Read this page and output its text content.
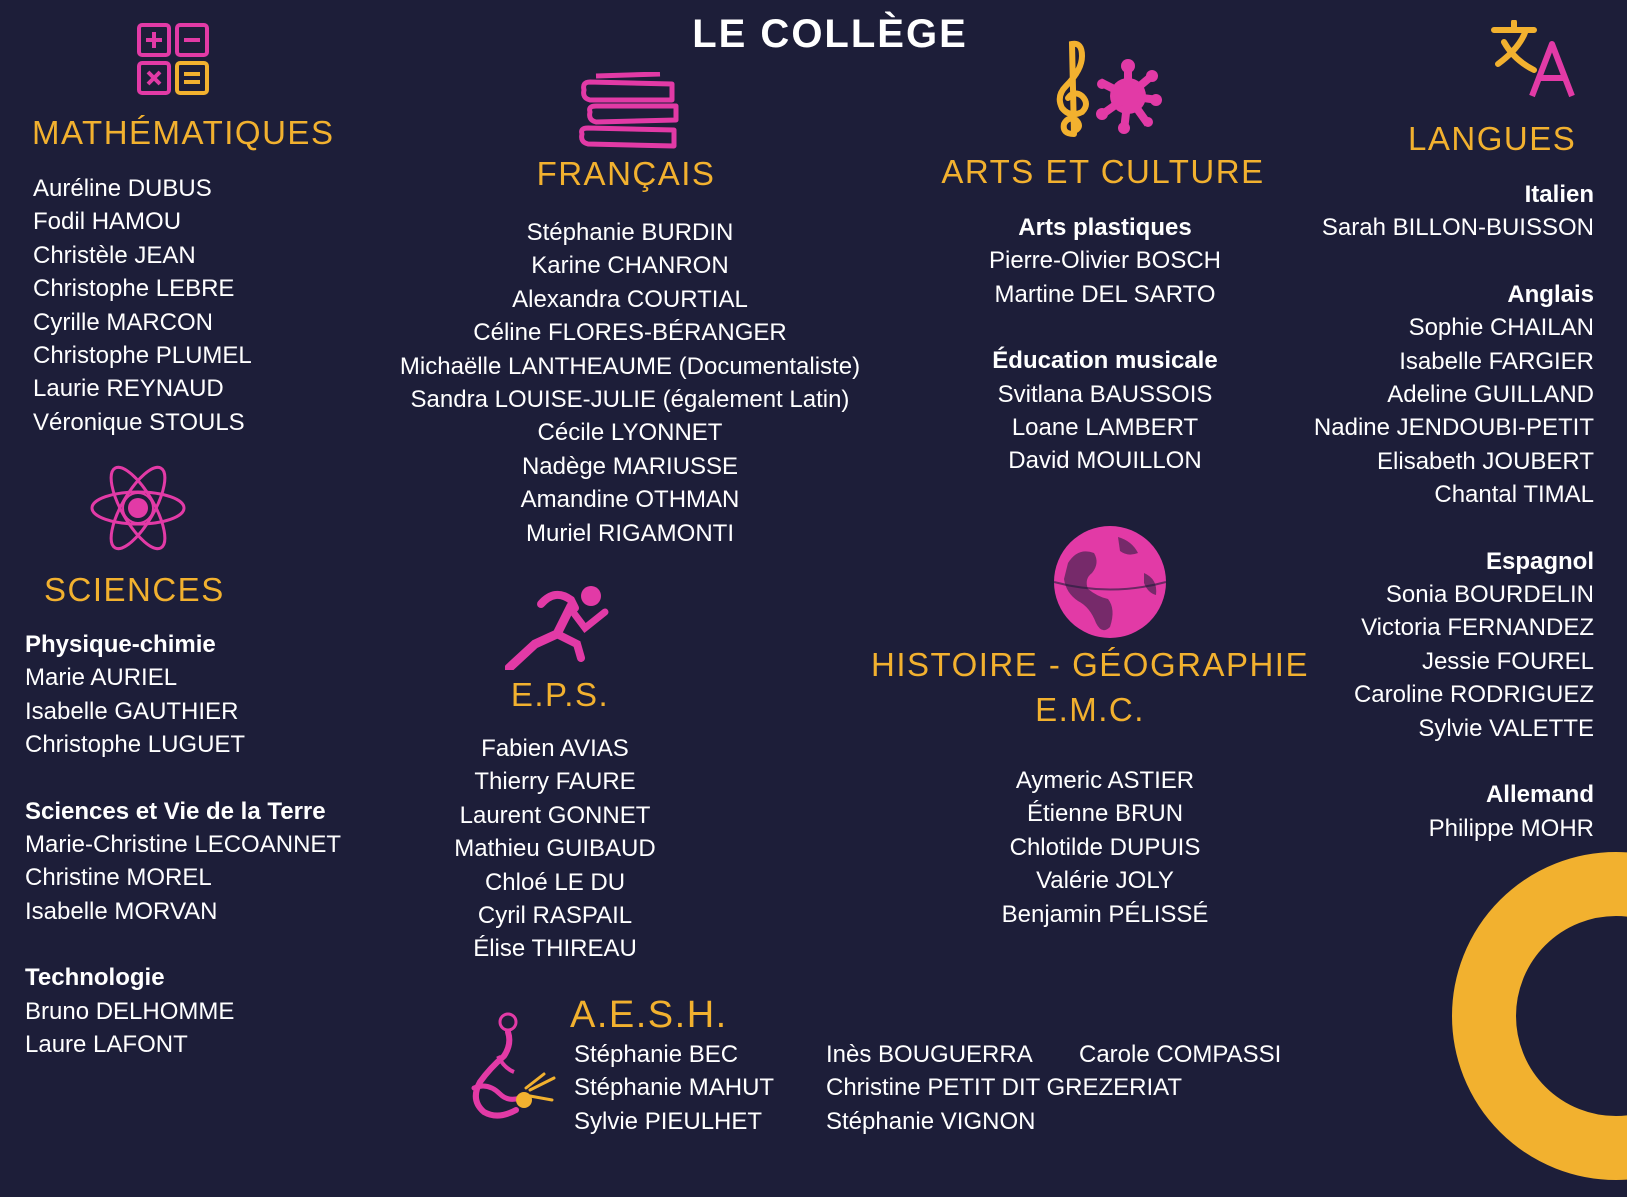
LE COLLÈGE
MATHÉMATIQUES
Auréline DUBUS
Fodil HAMOU
Christèle JEAN
Christophe LEBRE
Cyrille MARCON
Christophe PLUMEL
Laurie REYNAUD
Véronique STOULS
SCIENCES
Physique-chimie
Marie AURIEL
Isabelle GAUTHIER
Christophe LUGUET
Sciences et Vie de la Terre
Marie-Christine LECOANNET
Christine MOREL
Isabelle MORVAN
Technologie
Bruno DELHOMME
Laure LAFONT
FRANÇAIS
Stéphanie BURDIN
Karine CHANRON
Alexandra COURTIAL
Céline FLORES-BÉRANGER
Michaëlle LANTHEAUME (Documentaliste)
Sandra LOUISE-JULIE (également Latin)
Cécile LYONNET
Nadège MARIUSSE
Amandine OTHMAN
Muriel RIGAMONTI
E.P.S.
Fabien AVIAS
Thierry FAURE
Laurent GONNET
Mathieu GUIBAUD
Chloé LE DU
Cyril RASPAIL
Élise THIREAU
ARTS ET CULTURE
Arts plastiques
Pierre-Olivier BOSCH
Martine DEL SARTO
Éducation musicale
Svitlana BAUSSOIS
Loane LAMBERT
David MOUILLON
HISTOIRE - GÉOGRAPHIE
E.M.C.
Aymeric ASTIER
Étienne BRUN
Chlotilde DUPUIS
Valérie JOLY
Benjamin PÉLISSÉ
LANGUES
Italien
Sarah BILLON-BUISSON
Anglais
Sophie CHAILAN
Isabelle FARGIER
Adeline GUILLAND
Nadine JENDOUBI-PETIT
Elisabeth JOUBERT
Chantal TIMAL
Espagnol
Sonia BOURDELIN
Victoria FERNANDEZ
Jessie FOUREL
Caroline RODRIGUEZ
Sylvie VALETTE
Allemand
Philippe MOHR
A.E.S.H.
Stéphanie BEC
Stéphanie MAHUT
Sylvie PIEULHET
Inès BOUGUERRA
Christine PETIT DIT GREZERIAT
Stéphanie VIGNON
Carole COMPASSI
